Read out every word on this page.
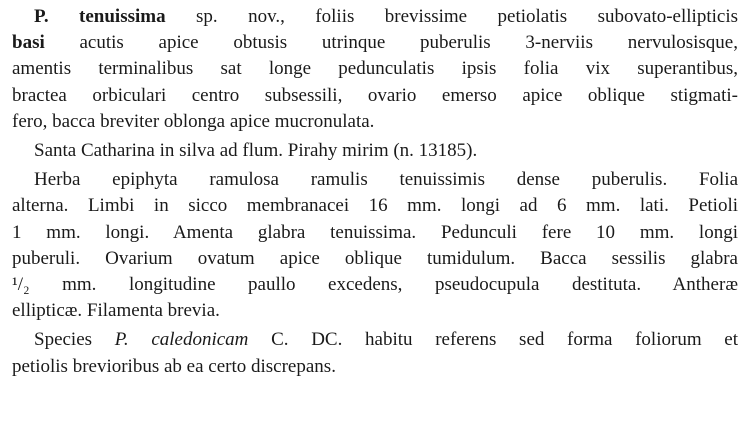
P. tenuissima sp. nov., foliis brevissime petiolatis subovato-ellipticis
basi acutis apice obtusis utrinque puberulis 3-nerviis nervulosisque,
amentis terminalibus sat longe pedunculatis ipsis folia vix superantibus,
bractea orbiculari centro subsessili, ovario emerso apice oblique stigmati-
fero, bacca breviter oblonga apice mucronulata.
Santa Catharina in silva ad flum. Pirahy mirim (n. 13185).
Herba epiphyta ramulosa ramulis tenuissimis dense puberulis. Folia
alterna. Limbi in sicco membranacei 16 mm. longi ad 6 mm. lati. Petioli
1 mm. longi. Amenta glabra tenuissima. Pedunculi fere 10 mm. longi
puberuli. Ovarium ovatum apice oblique tumidulum. Bacca sessilis glabra
¹/₂ mm. longitudine paullo excedens, pseudocupula destituta. Antheræ
ellipticæ. Filamenta brevia.
Species P. caledonicam C. DC. habitu referens sed forma foliorum et
petiolis brevioribus ab ea certo discrepans.
